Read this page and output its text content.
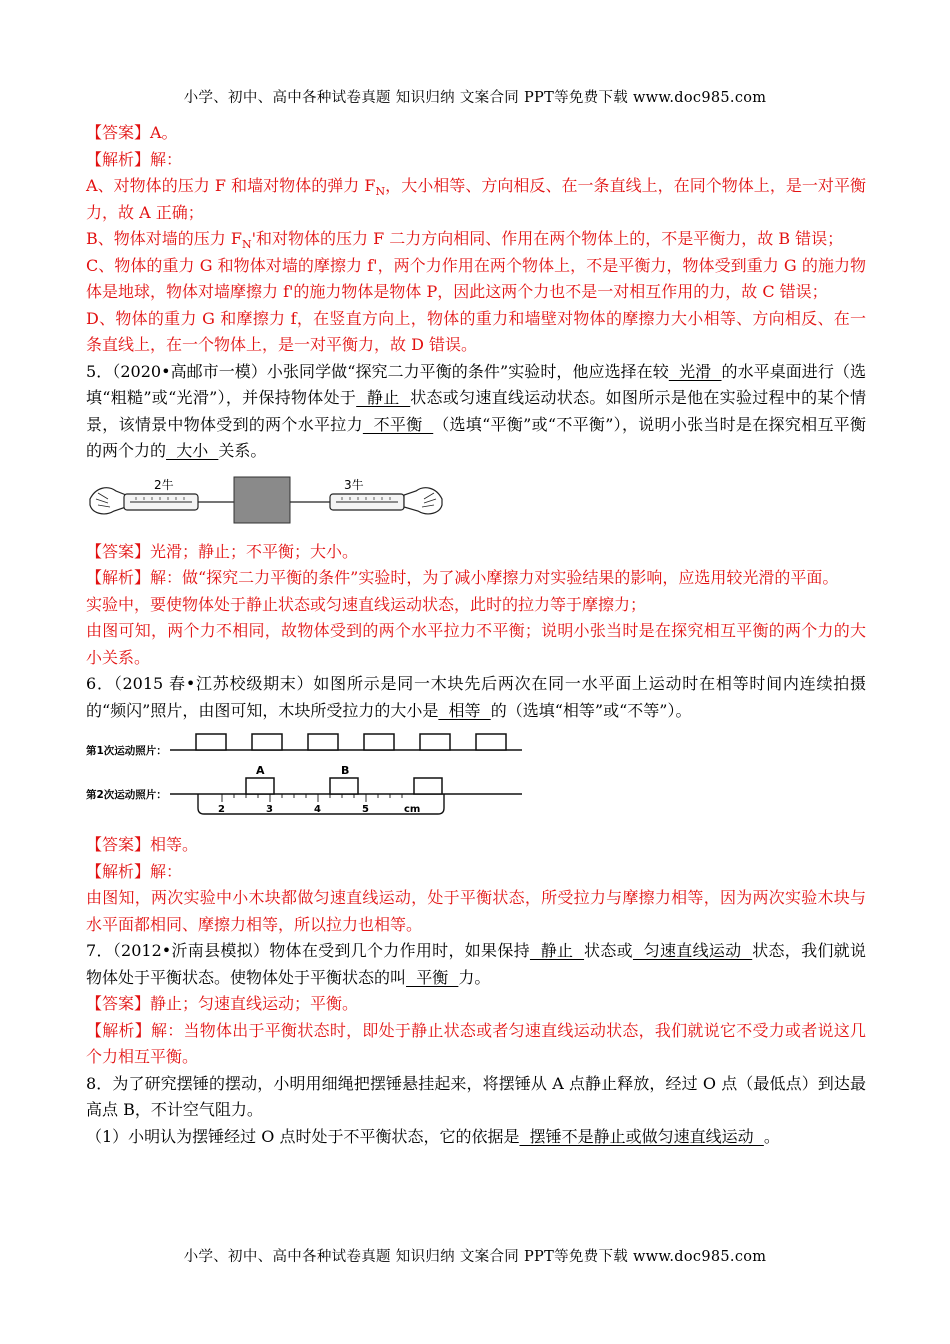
小学、初中、高中各种试卷真题 知识归纳 文案合同 PPT等免费下载 www.doc985.com
【答案】A。
【解析】解：
A、对物体的压力 F 和墙对物体的弹力 $F_N$，大小相等、方向相反、在一条直线上，在同个物体上，是一对平衡力，故 A 正确；
B、物体对墙的压力 $F_N'$和对物体的压力 F 二力方向相同、作用在两个物体上的，不是平衡力，故 B 错误；
C、物体的重力 G 和物体对墙的摩擦力 f'，两个力作用在两个物体上，不是平衡力，物体受到重力 G 的施力物体是地球，物体对墙摩擦力 f'的施力物体是物体 P，因此这两个力也不是一对相互作用的力，故 C 错误；
D、物体的重力 G 和摩擦力 f，在竖直方向上，物体的重力和墙壁对物体的摩擦力大小相等、方向相反、在一条直线上，在一个物体上，是一对平衡力，故 D 错误。
5．（2020•高邮市一模）小张同学做“探究二力平衡的条件”实验时，他应选择在较  光滑  的水平桌面进行（选填“粗糙”或“光滑”），并保持物体处于  静止  状态或匀速直线运动状态。如图所示是他在实验过程中的某个情景，该情景中物体受到的两个水平拉力  不平衡  （选填“平衡”或“不平衡”），说明小张当时是在探究相互平衡的两个力的  大小  关系。
2牛	3牛
【答案】光滑；静止；不平衡；大小。
【解析】解：做“探究二力平衡的条件”实验时，为了减小摩擦力对实验结果的影响，应选用较光滑的平面。
实验中，要使物体处于静止状态或匀速直线运动状态，此时的拉力等于摩擦力；
由图可知，两个力不相同，故物体受到的两个水平拉力不平衡；说明小张当时是在探究相互平衡的两个力的大小关系。
6．（2015 春•江苏校级期末）如图所示是同一木块先后两次在同一水平面上运动时在相等时间内连续拍摄的“频闪”照片，由图可知，木块所受拉力的大小是  相等  的（选填“相等”或“不等”）。
第1次运动照片：
第2次运动照片：
A	B
2	3	4	5	cm
【答案】相等。
【解析】解：
由图知，两次实验中小木块都做匀速直线运动，处于平衡状态，所受拉力与摩擦力相等，因为两次实验木块与水平面都相同、摩擦力相等，所以拉力也相等。
7．（2012•沂南县模拟）物体在受到几个力作用时，如果保持  静止  状态或  匀速直线运动  状态，我们就说物体处于平衡状态。使物体处于平衡状态的叫  平衡  力。
【答案】静止；匀速直线运动；平衡。
【解析】解：当物体出于平衡状态时，即处于静止状态或者匀速直线运动状态，我们就说它不受力或者说这几个力相互平衡。
8．为了研究摆锤的摆动，小明用细绳把摆锤悬挂起来，将摆锤从 A 点静止释放，经过 O 点（最低点）到达最高点 B，不计空气阻力。
（1）小明认为摆锤经过 O 点时处于不平衡状态，它的依据是  摆锤不是静止或做匀速直线运动  。
小学、初中、高中各种试卷真题 知识归纳 文案合同 PPT等免费下载 www.doc985.com
